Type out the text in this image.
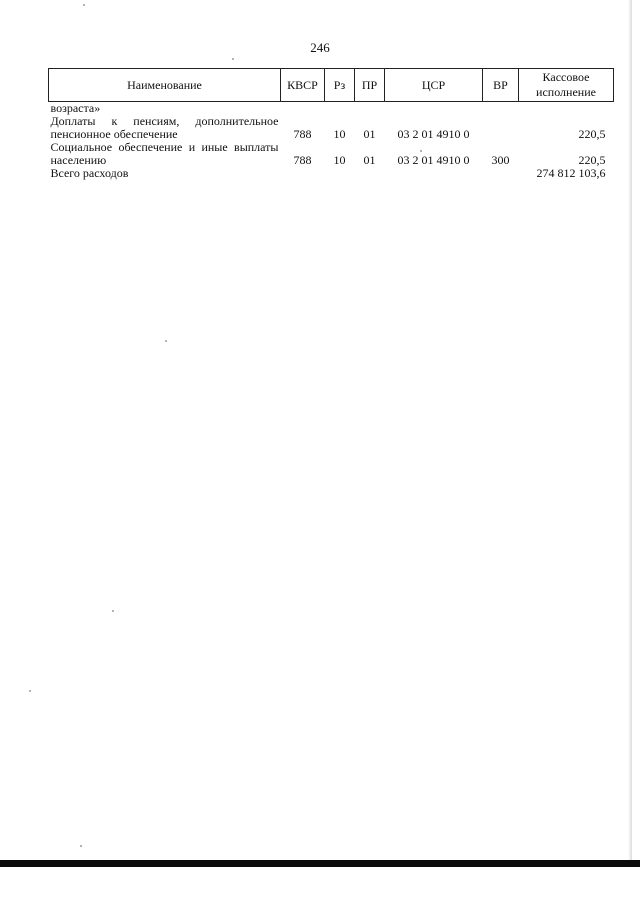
246
Наименование	КВСР	Рз	ПР	ЦСР	ВР	Кассовое исполнение
возраста»						
Доплаты к пенсиям, дополнительное пенсионное обеспечение	788	10	01	03 2 01 4910 0		220,5
Социальное обеспечение и иные выплаты населению	788	10	01	03 2 01 4910 0	300	220,5
Всего расходов						274 812 103,6
